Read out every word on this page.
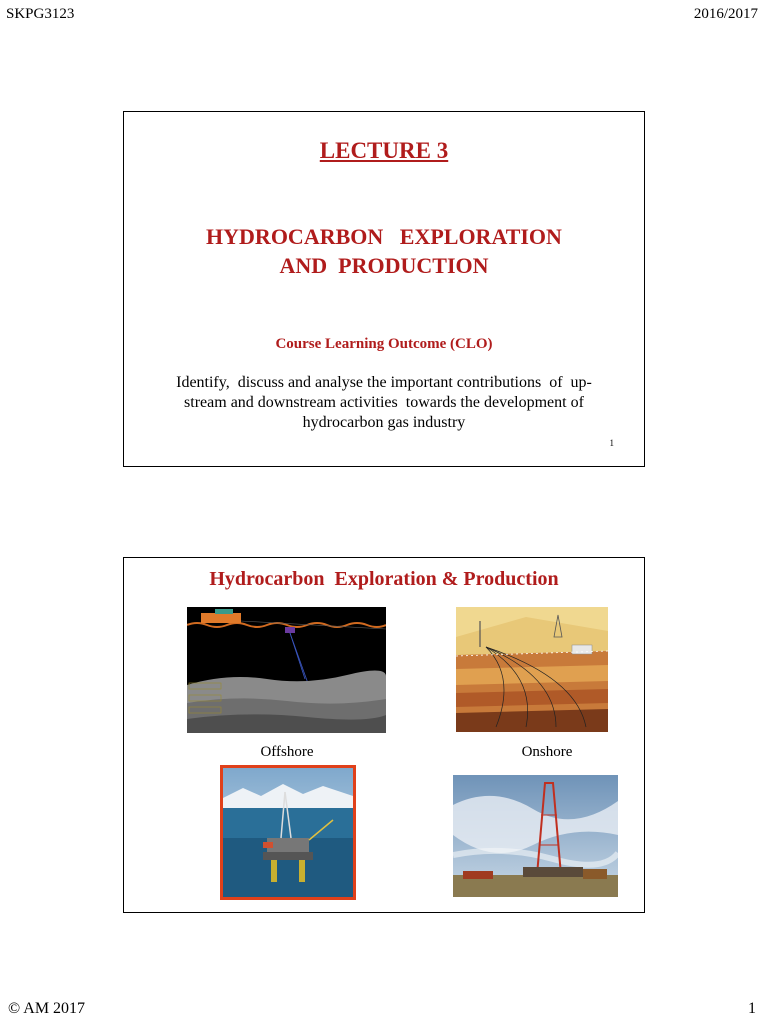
SKPG3123	2016/2017
LECTURE 3
HYDROCARBON   EXPLORATION
AND  PRODUCTION
Course Learning Outcome (CLO)
Identify,  discuss and analyse the important contributions  of  up-
stream and downstream activities  towards the development of
hydrocarbon gas industry
1
Hydrocarbon  Exploration & Production
Offshore	Onshore
© AM 2017	1
